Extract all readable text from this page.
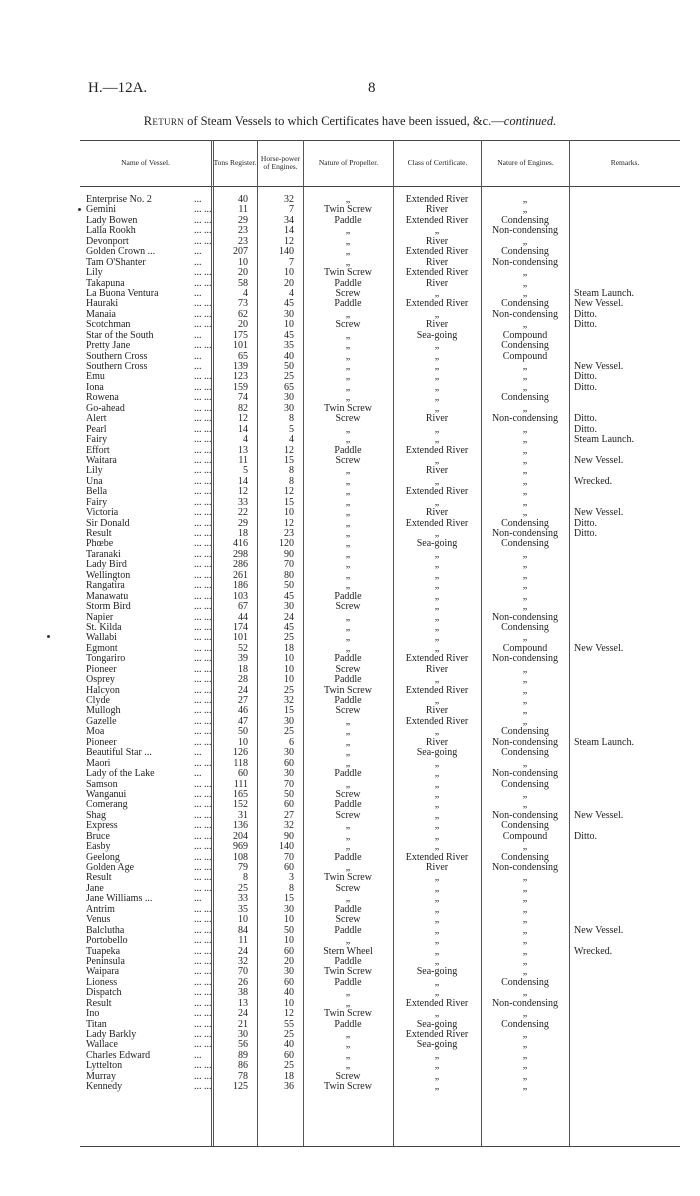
H.—12A.	8
Return of Steam Vessels to which Certificates have been issued, &c.—continued.
Name of Vessel.	Tons Register. Horse-power of Engines.	Nature of Propeller.	Class of Certificate.	Nature of Engines.	Remarks.
Enterprise No. 2	...	40	32	„	Extended River	„
Gemini	... ...	11	7	Twin Screw	River	„
Lady Bowen	... ...	29	34	Paddle	Extended River	Condensing
Lalla Rookh	... ...	23	14	„	„	Non-condensing
Devonport	... ...	23	12	„	River	„
Golden Crown ...	...	207	140	„	Extended River	Condensing
Tam O'Shanter	...	10	7	„	River	Non-condensing
Lily	... ...	20	10	Twin Screw	Extended River	„
Takapuna	... ...	58	20	Paddle	River	„
La Buona Ventura	...	4	4	Screw	„	„	Steam Launch.
Hauraki	... ...	73	45	Paddle	Extended River	Condensing	New Vessel.
Manaia	... ...	62	30	„	„	Non-condensing	Ditto.
Scotchman	... ...	20	10	Screw	River	„	Ditto.
Star of the South	...	175	45	„	Sea-going	Compound
Pretty Jane	... ...	101	35	„	„	Condensing
Southern Cross	...	65	40	„	„	Compound
Southern Cross	...	139	50	„	„	„	New Vessel.
Emu	... ...	123	25	„	„	„	Ditto.
Iona	... ...	159	65	„	„	„	Ditto.
Rowena	... ...	74	30	„	„	Condensing
Go-ahead	... ...	82	30	Twin Screw	„	„
Alert	... ...	12	8	Screw	River	Non-condensing	Ditto.
Pearl	... ...	14	5	„	„	„	Ditto.
Fairy	... ...	4	4	„	„	„	Steam Launch.
Effort	... ...	13	12	Paddle	Extended River	„
Waitara	... ...	11	15	Screw	„	„	New Vessel.
Lily	... ...	5	8	„	River	„
Una	... ...	14	8	„	„	„	Wrecked.
Bella	... ...	12	12	„	Extended River	„
Fairy	... ...	33	15	„	„	„
Victoria	... ...	22	10	„	River	„	New Vessel.
Sir Donald	... ...	29	12	„	Extended River	Condensing	Ditto.
Result	... ...	18	23	„	„	Non-condensing	Ditto.
Phœbe	... ...	416	120	„	Sea-going	Condensing
Taranaki	... ...	298	90	„	„	„
Lady Bird	... ...	286	70	„	„	„
Wellington	... ...	261	80	„	„	„
Rangatira	... ...	186	50	„	„	„
Manawatu	... ...	103	45	Paddle	„	„
Storm Bird	... ...	67	30	Screw	„	„
Napier	... ...	44	24	„	„	Non-condensing
St. Kilda	... ...	174	45	„	„	Condensing
Wallabi	... ...	101	25	„	„	„
Egmont	... ...	52	18	„	„	Compound	New Vessel.
Tongariro	... ...	39	10	Paddle	Extended River	Non-condensing
Pioneer	... ...	18	10	Screw	River	„
Osprey	... ...	28	10	Paddle	„	„
Halcyon	... ...	24	25	Twin Screw	Extended River	„
Clyde	... ...	27	32	Paddle	„	„
Mullogh	... ...	46	15	Screw	River	„
Gazelle	... ...	47	30	„	Extended River	„
Moa	... ...	50	25	„	„	Condensing
Pioneer	... ...	10	6	„	River	Non-condensing	Steam Launch.
Beautiful Star ...	...	126	30	„	Sea-going	Condensing
Maori	... ...	118	60	„	„	„
Lady of the Lake	...	60	30	Paddle	„	Non-condensing
Samson	... ...	111	70	„	„	Condensing
Wanganui	... ...	165	50	Screw	„	„
Comerang	... ...	152	60	Paddle	„	„
Shag	... ...	31	27	Screw	„	Non-condensing	New Vessel.
Express	... ...	136	32	„	„	Condensing
Bruce	... ...	204	90	„	„	Compound	Ditto.
Easby	... ...	969	140	„	„	„
Geelong	... ...	108	70	Paddle	Extended River	Condensing
Golden Age	... ...	79	60	„	River	Non-condensing
Result	... ...	8	3	Twin Screw	„	„
Jane	... ...	25	8	Screw	„	„
Jane Williams ...	...	33	15	„	„	„
Antrim	... ...	35	30	Paddle	„	„
Venus	... ...	10	10	Screw	„	„
Balclutha	... ...	84	50	Paddle	„	„	New Vessel.
Portobello	... ...	11	10	„	„	„
Tuapeka	... ...	24	60	Stern Wheel	„	„	Wrecked.
Peninsula	... ...	32	20	Paddle	„	„
Waipara	... ...	70	30	Twin Screw	Sea-going	„
Lioness	... ...	26	60	Paddle	„	Condensing
Dispatch	... ...	38	40	„	„	„
Result	... ...	13	10	„	Extended River	Non-condensing
Ino	... ...	24	12	Twin Screw	„	„
Titan	... ...	21	55	Paddle	Sea-going	Condensing
Lady Barkly	... ...	30	25	„	Extended River	„
Wallace	... ...	56	40	„	Sea-going	„
Charles Edward	...	89	60	„	„	„
Lyttelton	... ...	86	25	„	„	„
Murray	... ...	78	18	Screw	„	„
Kennedy	... ...	125	36	Twin Screw	„	„
